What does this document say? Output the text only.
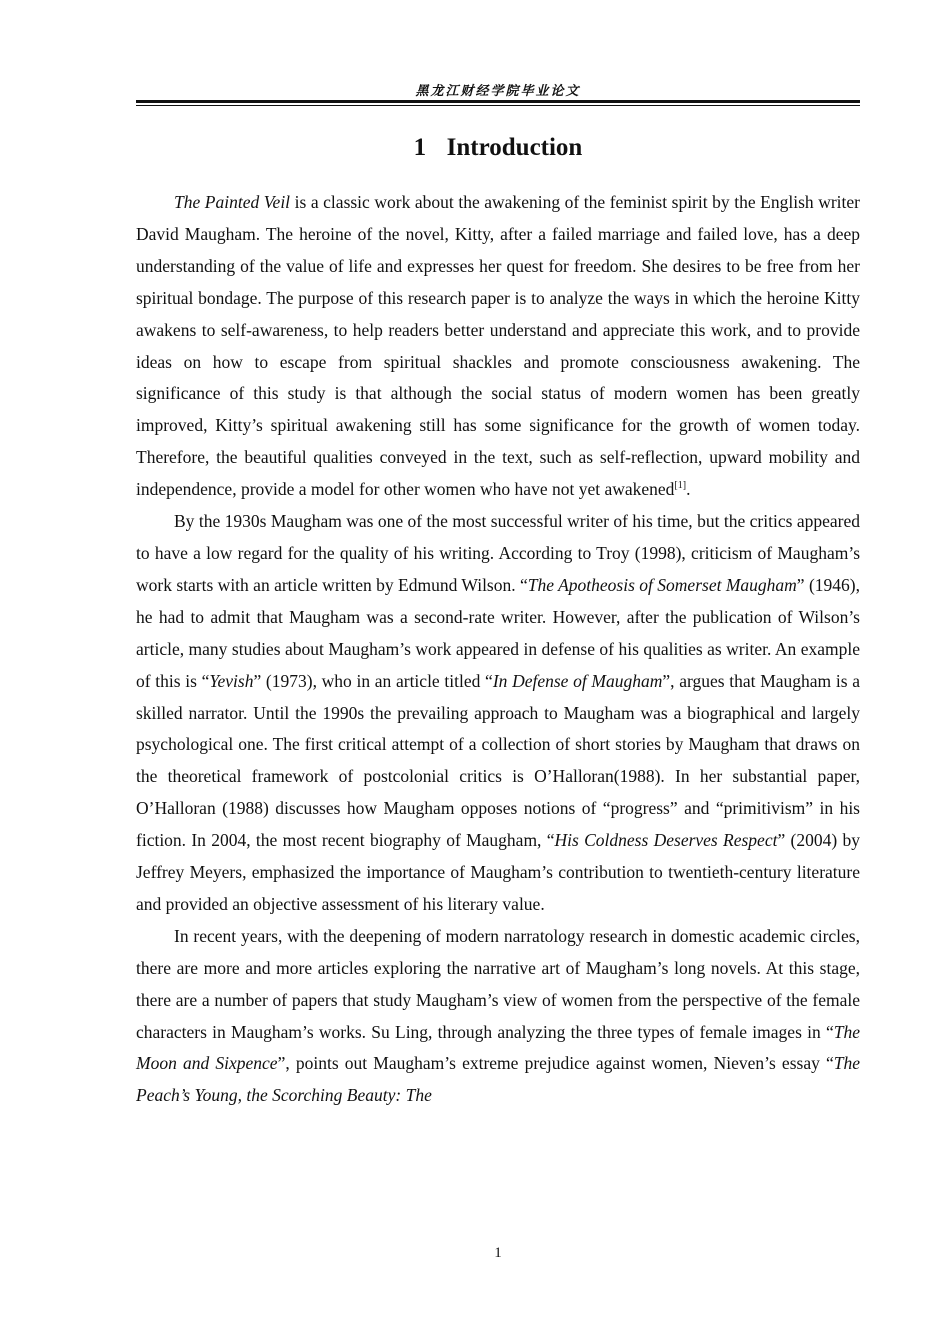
黑龙江财经学院毕业论文
1 Introduction

The Painted Veil is a classic work about the awakening of the feminist spirit by the English writer David Maugham. The heroine of the novel, Kitty, after a failed marriage and failed love, has a deep understanding of the value of life and expresses her quest for freedom. She desires to be free from her spiritual bondage. The purpose of this research paper is to analyze the ways in which the heroine Kitty awakens to self-awareness, to help readers better understand and appreciate this work, and to provide ideas on how to escape from spiritual shackles and promote consciousness awakening. The significance of this study is that although the social status of modern women has been greatly improved, Kitty’s spiritual awakening still has some significance for the growth of women today. Therefore, the beautiful qualities conveyed in the text, such as self-reflection, upward mobility and independence, provide a model for other women who have not yet awakened[1].

By the 1930s Maugham was one of the most successful writer of his time, but the critics appeared to have a low regard for the quality of his writing. According to Troy (1998), criticism of Maugham’s work starts with an article written by Edmund Wilson. “The Apotheosis of Somerset Maugham” (1946), he had to admit that Maugham was a second-rate writer. However, after the publication of Wilson’s article, many studies about Maugham’s work appeared in defense of his qualities as writer. An example of this is “Yevish” (1973), who in an article titled “In Defense of Maugham”, argues that Maugham is a skilled narrator. Until the 1990s the prevailing approach to Maugham was a biographical and largely psychological one. The first critical attempt of a collection of short stories by Maugham that draws on the theoretical framework of postcolonial critics is O’Halloran(1988). In her substantial paper, O’Halloran (1988) discusses how Maugham opposes notions of “progress” and “primitivism” in his fiction. In 2004, the most recent biography of Maugham, “His Coldness Deserves Respect” (2004) by Jeffrey Meyers, emphasized the importance of Maugham’s contribution to twentieth-century literature and provided an objective assessment of his literary value.

In recent years, with the deepening of modern narratology research in domestic academic circles, there are more and more articles exploring the narrative art of Maugham’s long novels. At this stage, there are a number of papers that study Maugham’s view of women from the perspective of the female characters in Maugham’s works. Su Ling, through analyzing the three types of female images in “The Moon and Sixpence”, points out Maugham’s extreme prejudice against women, Nieven’s essay “The Peach’s Young, the Scorching Beauty: The

1
